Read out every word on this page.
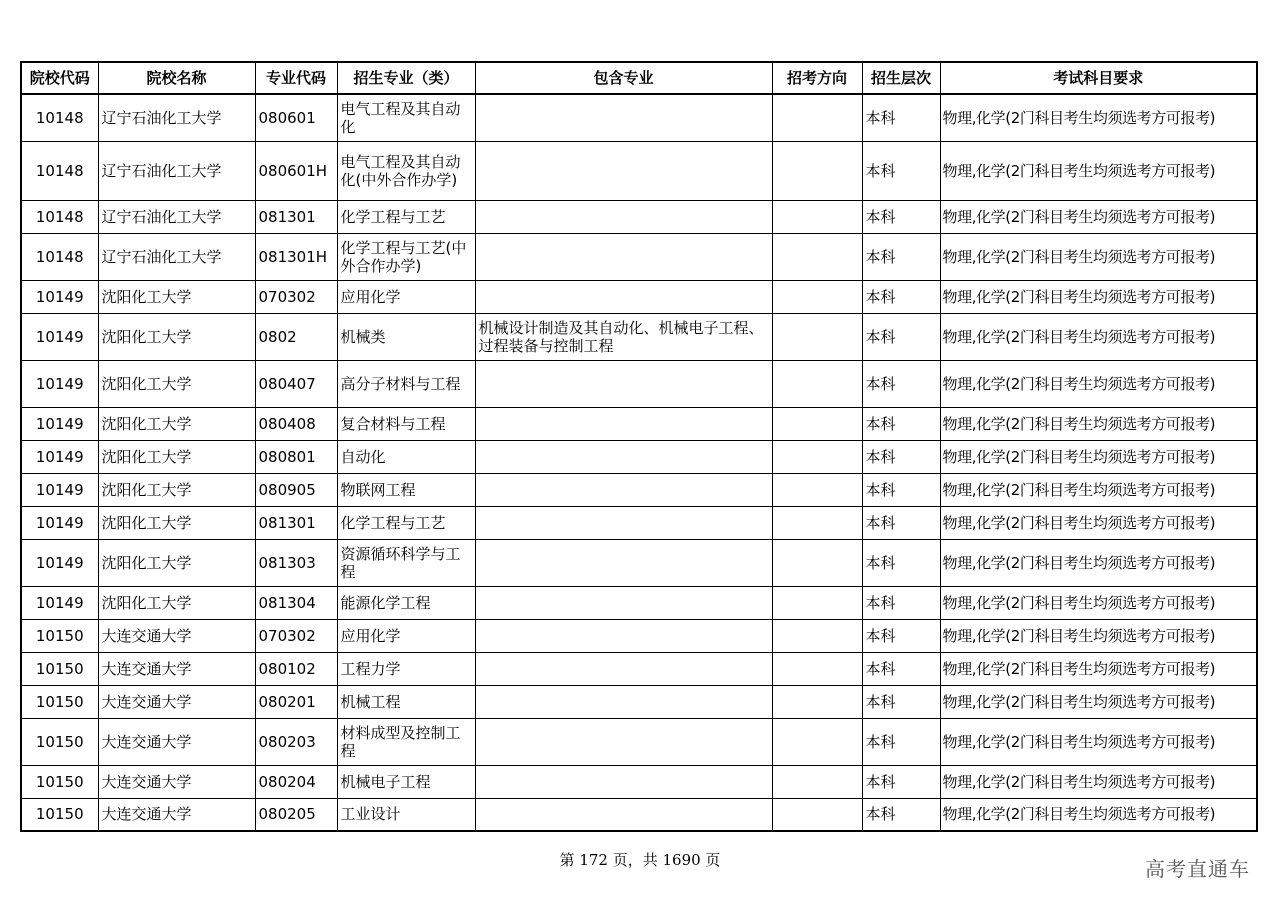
院校代码	院校名称	专业代码	招生专业（类）	包含专业	招考方向	招生层次	考试科目要求
10148	辽宁石油化工大学	080601	电气工程及其自动化			本科	物理,化学(2门科目考生均须选考方可报考)
10148	辽宁石油化工大学	080601H	电气工程及其自动化(中外合作办学)			本科	物理,化学(2门科目考生均须选考方可报考)
10148	辽宁石油化工大学	081301	化学工程与工艺			本科	物理,化学(2门科目考生均须选考方可报考)
10148	辽宁石油化工大学	081301H	化学工程与工艺(中外合作办学)			本科	物理,化学(2门科目考生均须选考方可报考)
10149	沈阳化工大学	070302	应用化学			本科	物理,化学(2门科目考生均须选考方可报考)
10149	沈阳化工大学	0802	机械类	机械设计制造及其自动化、机械电子工程、过程装备与控制工程		本科	物理,化学(2门科目考生均须选考方可报考)
10149	沈阳化工大学	080407	高分子材料与工程			本科	物理,化学(2门科目考生均须选考方可报考)
10149	沈阳化工大学	080408	复合材料与工程			本科	物理,化学(2门科目考生均须选考方可报考)
10149	沈阳化工大学	080801	自动化			本科	物理,化学(2门科目考生均须选考方可报考)
10149	沈阳化工大学	080905	物联网工程			本科	物理,化学(2门科目考生均须选考方可报考)
10149	沈阳化工大学	081301	化学工程与工艺			本科	物理,化学(2门科目考生均须选考方可报考)
10149	沈阳化工大学	081303	资源循环科学与工程			本科	物理,化学(2门科目考生均须选考方可报考)
10149	沈阳化工大学	081304	能源化学工程			本科	物理,化学(2门科目考生均须选考方可报考)
10150	大连交通大学	070302	应用化学			本科	物理,化学(2门科目考生均须选考方可报考)
10150	大连交通大学	080102	工程力学			本科	物理,化学(2门科目考生均须选考方可报考)
10150	大连交通大学	080201	机械工程			本科	物理,化学(2门科目考生均须选考方可报考)
10150	大连交通大学	080203	材料成型及控制工程			本科	物理,化学(2门科目考生均须选考方可报考)
10150	大连交通大学	080204	机械电子工程			本科	物理,化学(2门科目考生均须选考方可报考)
10150	大连交通大学	080205	工业设计			本科	物理,化学(2门科目考生均须选考方可报考)
第 172 页，共 1690 页	高考直通车
